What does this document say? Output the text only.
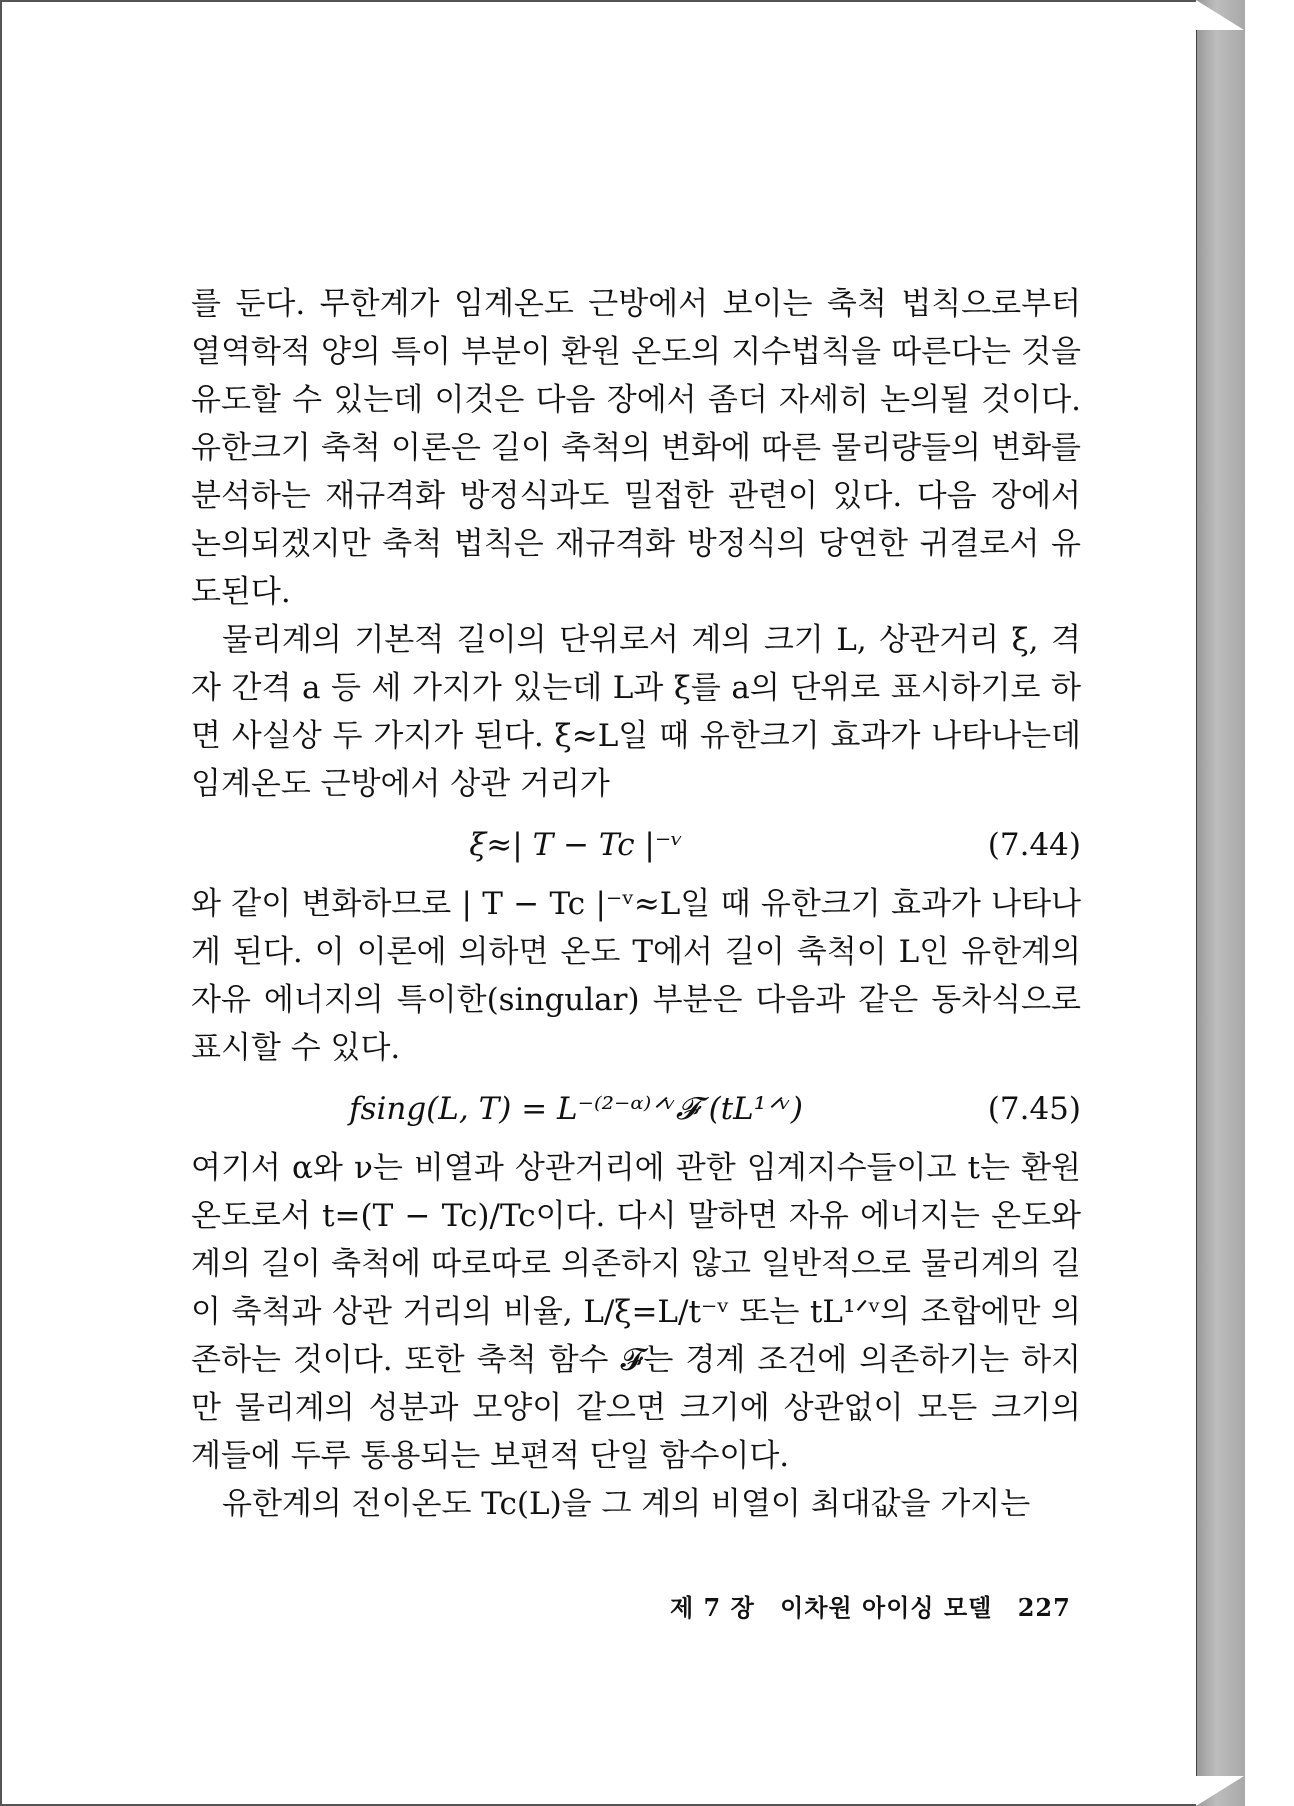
를 둔다. 무한계가 임계온도 근방에서 보이는 축척 법칙으로부터 열역학적 양의 특이 부분이 환원 온도의 지수법칙을 따른다는 것을 유도할 수 있는데 이것은 다음 장에서 좀더 자세히 논의될 것이다. 유한크기 축척 이론은 길이 축척의 변화에 따른 물리량들의 변화를 분석하는 재규격화 방정식과도 밀접한 관련이 있다. 다음 장에서 논의되겠지만 축척 법칙은 재규격화 방정식의 당연한 귀결로서 유도된다.

물리계의 기본적 길이의 단위로서 계의 크기 L, 상관거리 ξ, 격자 간격 a 등 세 가지가 있는데 L과 ξ를 a의 단위로 표시하기로 하면 사실상 두 가지가 된다. ξ≈L일 때 유한크기 효과가 나타나는데 임계온도 근방에서 상관 거리가

ξ≈| T − Tc |⁻ᵛ	(7.44)

와 같이 변화하므로 | T − Tc |⁻ᵛ≈L일 때 유한크기 효과가 나타나게 된다. 이 이론에 의하면 온도 T에서 길이 축척이 L인 유한계의 자유 에너지의 특이한(singular) 부분은 다음과 같은 동차식으로 표시할 수 있다.

fsing(L, T) = L⁻⁽²⁻ᵅ⁾ᐟᵛ𝓕 (tL¹ᐟᵛ)	(7.45)

여기서 α와 ν는 비열과 상관거리에 관한 임계지수들이고 t는 환원 온도로서 t=(T − Tc)/Tc이다. 다시 말하면 자유 에너지는 온도와 계의 길이 축척에 따로따로 의존하지 않고 일반적으로 물리계의 길이 축척과 상관 거리의 비율, L/ξ=L/t⁻ᵛ 또는 tL¹ᐟᵛ의 조합에만 의존하는 것이다. 또한 축척 함수 𝓕는 경계 조건에 의존하기는 하지만 물리계의 성분과 모양이 같으면 크기에 상관없이 모든 크기의 계들에 두루 통용되는 보편적 단일 함수이다.

유한계의 전이온도 Tc(L)을 그 계의 비열이 최대값을 가지는

제 7 장 이차원 아이싱 모델 227
